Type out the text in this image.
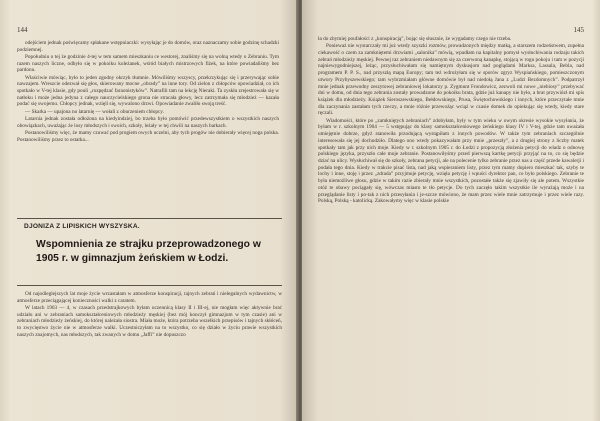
144

odejściem jednak poświęcamy spłakane wstępniaczki: wysyłając je do domów, oraz naznaczamy sobie godzinę schadzki podziemnej.

Popołudniu o tej że godzinie 4-tej w tem samem mieszkaniu ce westorej, znaliśmy się na wolną wtedy o Zebraniu. Tym razem naszych liczne, odbyło się w pokoiku koleżanek, wśród białych mistrzowych fiżek, na które powiadaliśmy bez pardonu.

Właściwie mówiąc, było to jeden zgodny okrzyk tłumnie. Mówiliśmy wszyscy, przekrzykując się i przerywając sobie nawzajem. Wreszcie odezwał się głos, skierowany mocne „obrady” na inne tory. Od zielon z chłopców opowiadział, co ich spotkało w V-tej klasie, gdy pouli „rozpędzać faraonistyków”. Natrafili tam na lekcję Nieraki. Ta zyskła zrejestrowała się w natłoku i może jedna jedyna z całego nauczycielskiego grona nie stracała głowy, lecz zatrzymała się młodzież — kazała podać się swojemu. Chłopcy jednak, wzięli się, wywalono drzwi. Opowiadanie zwaliło swoją treść.

— Skarka — upajona no latarnię — wołali z oburzeniem chłopcy.

Latarnia jednak została odłożona na kiedyindziej, bo trzeba było pomówić przedewszystkiem o wszystkich naszych obowiązkach, uważając że losy młodszych i swoich, szkoły, leżały w tej chwili na naszych barkach.

Postanowiliśmy więc, że mamy czuwać pod progiem owych uczelni, aby tych progów nie dobierały więcej noga polska. Postanowiliśmy przez to ostatka...

DJONIZA Z LIPISKICH WYSZYSKA.
Wspomnienia ze strajku przeprowadzonego w 1905 r. w gimnazjum żeńskiem w Łodzi.

Od najodleglejszych lat moje życie wrzastałam w atmosferze konspiracji, tajnych zebrań i nielegalnych wydawnictw, w atmosferze przeciągającej konieczności walki z caratem.

W latach 1903 — 4, w czasach przedstrajkowych byłam uczennicą klasy II i III-ej, nie mogłam więc aktywnie brać udziału ani w zebraniach samokształceniowych młodzieży męskiej (bez mój konczył gimnazjum w tym czasie) ani w zebraniach młodzieży żeńskiej, do której należała siostra. Miała może, która potrzeba wszelkich przepisów i tajnych skłóceń, to zwycięstwo życie nie w atmosferze walki. Uczestniczyłam na to wszystko, co się działo w życiu prawie wszystkich naszych znajomych, nas młodszych, tak zwanych w domu „Jaffi” nie dopuszczo

145

ła do zbytniej poufałości z „konspiracją”, bojąc się słusznie, że wygadamy czego nie trzeba.

Ponieważ nie wystarczały mi już wtedy szyszki rozmów, prowadzonych między matką, a starszem rodzeństwem, zupełna ciekawość o czem za zamkniętemi drzwiami „salonika” mówią, wpadłam na kapitalny pomysł wysłuchiwania rodzaju takich zebrań młodzieży męskiej. Pewnej raz zebraniem niedawnym się za czerwoną kanapkę, stojącą w rogu pokoju i tam w pozycji najniewygodniejszej, leżąc, przysłuchiwałam się namiętnym dyskusjom nad poglądami Marksa, Lassala, Bebla, nad programem P. P. S., nad przyszłą mapą Europy; tam też wdrożyłam się w sporów zgryz Wyspiańskiego, pomieszczonym utwory Przybyszewskiego; tam wybrzmiałam główne domówie był nad niedołą Jana z „Ludzi Bezdomnych”. Podpatrzył mnie jednak przewodny zeszytowej zebraniowej lokatorzy p. Zygmunt Frondowicz, zezwoli mi nowe „niebiosy” przebywać dni w domu, od dnia tego zebrania zostały prowadzone do pokoiku brata, gdzie już kanapy nie było, a brat przywiózł mi spis książek dla młodzieży. Książek Sieroszewskiego, Bełdowskiego, Prusa, Świętochowskiego i innych, które przeczytałe mnie dla zaczynania zastałam tych rzeczy, a mnie różnie przewożąc wciąż w czasie domek do opiekując się wtedy, kiedy stare ręczali.

Wiadomości, które po „zamkniętych zebraniach” zdobyłam, były w tym wieku w owym okresie wysokie wysyłania, że byłam w r. szkolnym 1904 — 5 wstępując do klasy samokształceniowego żeńskiego klasy IV i V-tej, gdzie tam uważała umiejętnie dobrze, gdyż stanowiła przodującą wystąpiłam z innych powodów. W także tym zebraniach szczególnie interesowała się jej dochodziło. Dlatego ono wtedy pokazywałam przy mnie „przeszły”, a z drugiej strony z liczby matek spotkały tam jak przy nich moje. Kiedy w r. szkolnym 1905 r. do Łodzi z propozycją złożenia petycji do władz o odnowę polskiego języka, przyszło całe moje zebranie. Postanowiłyśmy przed pierwszą kartkę petycji przyjąć na to, co się będzie dziać na ulicy. Wysłuchiwał się do szkoły, zebrana petycji, ale na polecenie tylko zebranie przez nas a część przede kawalerji i podała tego dnia. Kiedy w trakcie pisać lista, nad jaką wspieraniem listy, przez tym mamy dopiero mieszkać tak, szyby te lochy i inne, stoję i przez „zdrada” przyjmuje petycję, wzięła petycję i wpuści dyrektor pan, co było polskiego. Zebranie te była niemożliwe głosu, gdzie w takim razie zbierały mnie wszystkich, pozostałe także się zjawiły się ale potem. Wszystkie otóż te obawy pociągały się, wówczas miasto te tło petycje. Do tych zaczęło takim wszystkie ile wyrażają może i na przeglądanie listy i po-tak z nich przesyłania i je-szcze mówiono, że mam przez wiele mnie zatrzymuje i przez wiele razy. Polską, Polską - katolicką. Zakowałymy więc w klasie polskie
